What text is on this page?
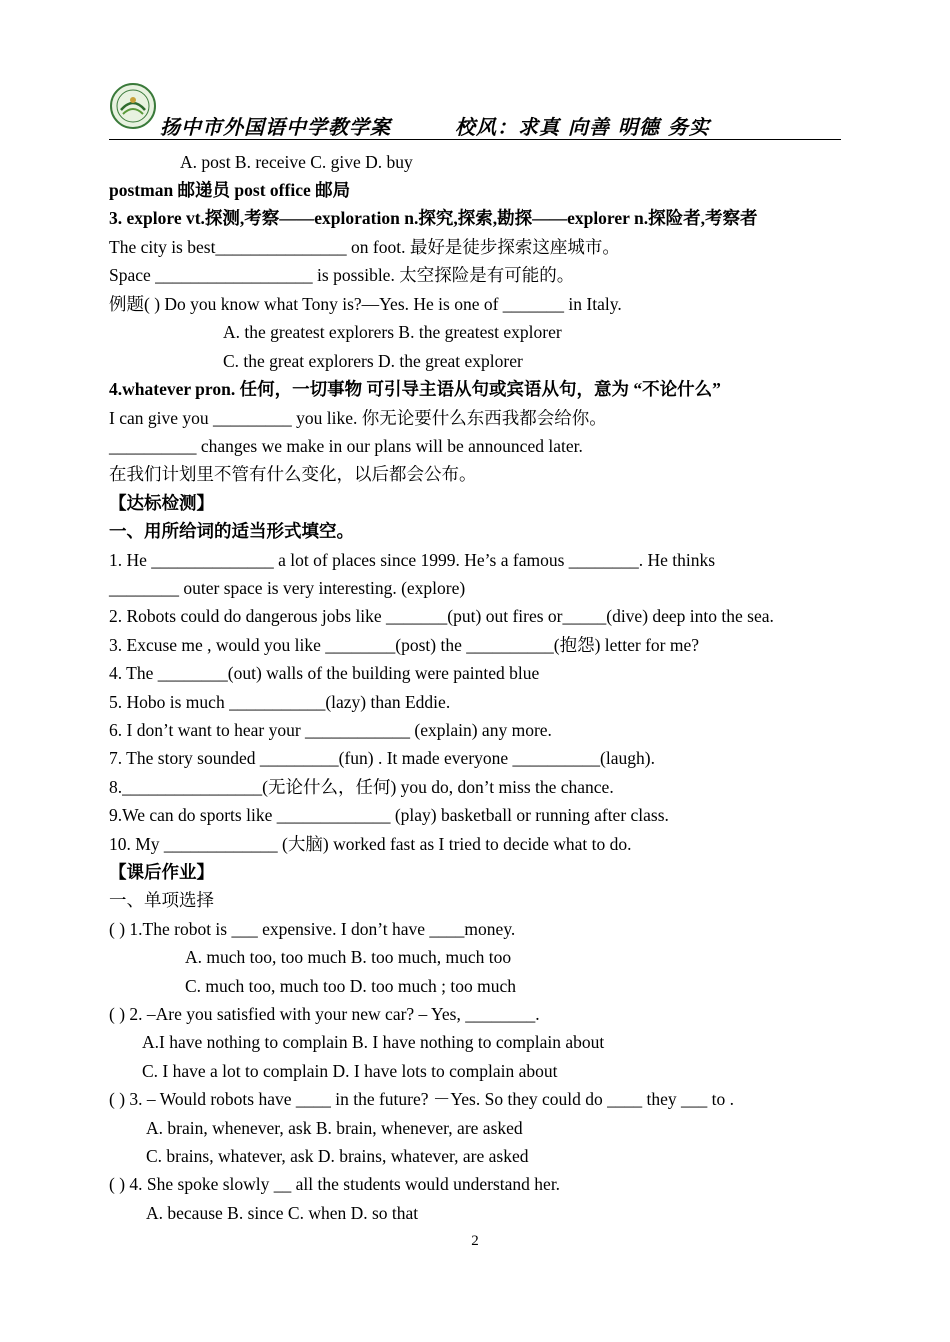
扬中市外国语中学教学案	校风：求真 向善 明德 务实
A. post B. receive C. give D. buy
postman 邮递员 post office 邮局
3. explore vt.探测,考察——exploration n.探究,探索,勘探——explorer n.探险者,考察者
The city is best_______________ on foot. 最好是徒步探索这座城市。
Space __________________ is possible. 太空探险是有可能的。
例题( ) Do you know what Tony is?—Yes. He is one of _______ in Italy.
A. the greatest explorers B. the greatest explorer
C. the great explorers D. the great explorer
4.whatever pron. 任何，一切事物 可引导主语从句或宾语从句，意为 “不论什么”
I can give you _________ you like. 你无论要什么东西我都会给你。
__________ changes we make in our plans will be announced later.
在我们计划里不管有什么变化，以后都会公布。
【达标检测】
一、用所给词的适当形式填空。
1. He ______________ a lot of places since 1999. He’s a famous ________. He thinks
________ outer space is very interesting. (explore)
2. Robots could do dangerous jobs like _______(put) out fires or_____(dive) deep into the sea.
3. Excuse me , would you like ________(post) the __________(抱怨) letter for me?
4. The ________(out) walls of the building were painted blue
5. Hobo is much ___________(lazy) than Eddie.
6. I don’t want to hear your ____________ (explain) any more.
7. The story sounded _________(fun) . It made everyone __________(laugh).
8.________________(无论什么，任何) you do, don’t miss the chance.
9.We can do sports like _____________ (play) basketball or running after class.
10. My _____________ (大脑) worked fast as I tried to decide what to do.
【课后作业】
一、单项选择
( ) 1.The robot is ___ expensive. I don’t have ____money.
A. much too, too much B. too much, much too
C. much too, much too D. too much ; too much
( ) 2. –Are you satisfied with your new car? – Yes, ________.
A.I have nothing to complain B. I have nothing to complain about
C. I have a lot to complain D. I have lots to complain about
( ) 3. – Would robots have ____ in the future? －Yes. So they could do ____ they ___ to .
A. brain, whenever, ask B. brain, whenever, are asked
C. brains, whatever, ask D. brains, whatever, are asked
( ) 4. She spoke slowly __ all the students would understand her.
A. because B. since C. when D. so that
2
